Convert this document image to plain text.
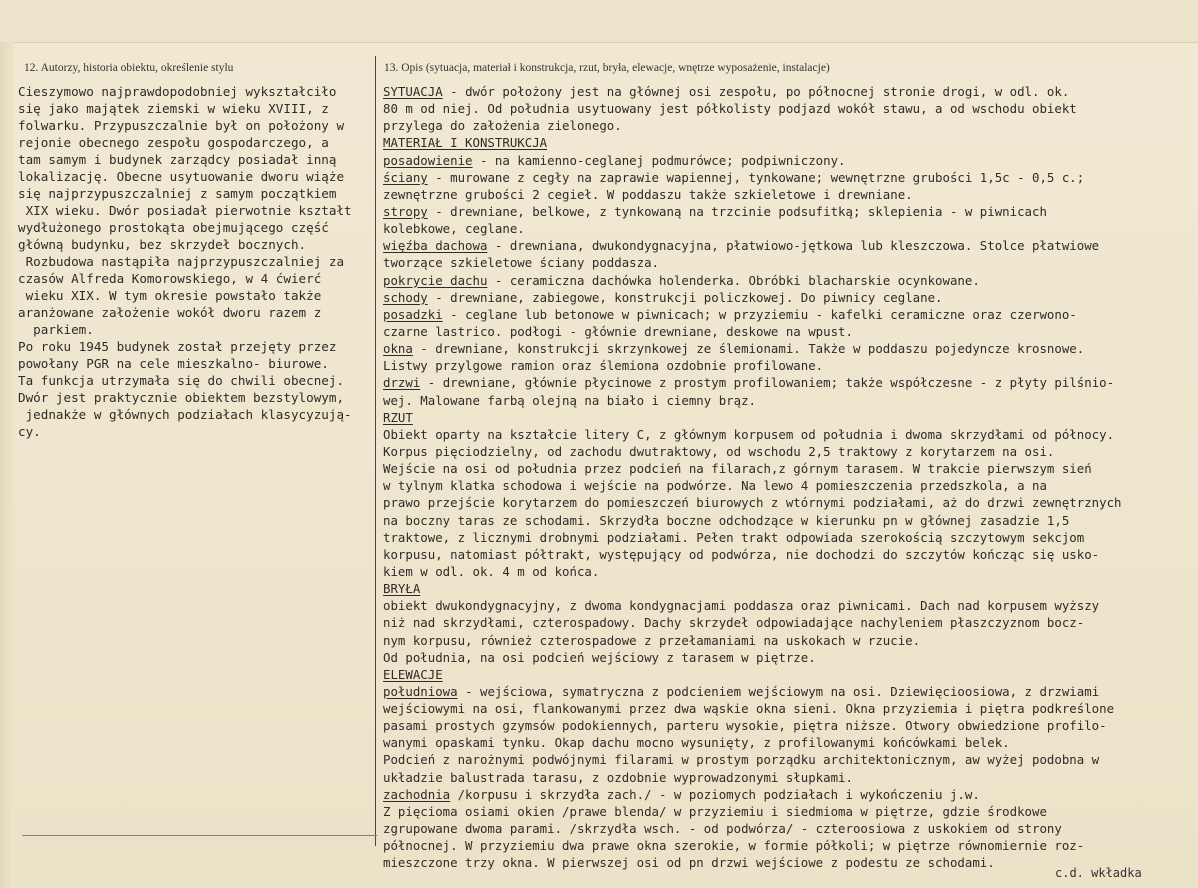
12. Autorzy, historia obiektu, określenie stylu	13. Opis (sytuacja, materiał i konstrukcja, rzut, bryła, elewacje, wnętrze wyposażenie, instalacje)
Cieszymowo najprawdopodobniej wykształciło
się jako majątek ziemski w wieku XVIII, z
folwarku. Przypuszczalnie był on położony w
rejonie obecnego zespołu gospodarczego, a
tam samym i budynek zarządcy posiadał inną
lokalizację. Obecne usytuowanie dworu wiąże
się najprzypuszczalniej z samym początkiem
XIX wieku. Dwór posiadał pierwotnie kształt
wydłużonego prostokąta obejmującego część
główną budynku, bez skrzydeł bocznych.
Rozbudowa nastąpiła najprzypuszczalniej za
czasów Alfreda Komorowskiego, w 4 ćwierć
wieku XIX. W tym okresie powstało także
aranżowane założenie wokół dworu razem z
parkiem.
Po roku 1945 budynek został przejęty przez
powołany PGR na cele mieszkalno- biurowe.
Ta funkcja utrzymała się do chwili obecnej.
Dwór jest praktycznie obiektem bezstylowym,
jednakże w głównych podziałach klasycyzują-
cy.
SYTUACJA - dwór położony jest na głównej osi zespołu, po północnej stronie drogi, w odl. ok.
80 m od niej. Od południa usytuowany jest półkolisty podjazd wokół stawu, a od wschodu obiekt
przylega do założenia zielonego.
MATERIAŁ I KONSTRUKCJA
posadowienie - na kamienno-ceglanej podmurówce; podpiwniczony.
ściany - murowane z cegły na zaprawie wapiennej, tynkowane; wewnętrzne grubości 1,5c - 0,5 c.;
zewnętrzne grubości 2 cegieł. W poddaszu także szkieletowe i drewniane.
stropy - drewniane, belkowe, z tynkowaną na trzcinie podsufitką; sklepienia - w piwnicach
kolebkowe, ceglane.
więźba dachowa - drewniana, dwukondygnacyjna, płatwiowo-jętkowa lub kleszczowa. Stolce płatwiowe
tworzące szkieletowe ściany poddasza.
pokrycie dachu - ceramiczna dachówka holenderka. Obróbki blacharskie ocynkowane.
schody - drewniane, zabiegowe, konstrukcji policzkowej. Do piwnicy ceglane.
posadzki - ceglane lub betonowe w piwnicach; w przyziemiu - kafelki ceramiczne oraz czerwono-
czarne lastrico. podłogi - głównie drewniane, deskowe na wpust.
okna - drewniane, konstrukcji skrzynkowej ze ślemionami. Także w poddaszu pojedyncze krosnowe.
Listwy przylgowe ramion oraz ślemiona ozdobnie profilowane.
drzwi - drewniane, głównie płycinowe z prostym profilowaniem; także współczesne - z płyty pilśnio-
wej. Malowane farbą olejną na biało i ciemny brąz.
RZUT
Obiekt oparty na kształcie litery C, z głównym korpusem od południa i dwoma skrzydłami od północy.
Korpus pięciodzielny, od zachodu dwutraktowy, od wschodu 2,5 traktowy z korytarzem na osi.
Wejście na osi od południa przez podcień na filarach,z górnym tarasem. W trakcie pierwszym sień
w tylnym klatka schodowa i wejście na podwórze. Na lewo 4 pomieszczenia przedszkola, a na
prawo przejście korytarzem do pomieszczeń biurowych z wtórnymi podziałami, aż do drzwi zewnętrznych
na boczny taras ze schodami. Skrzydła boczne odchodzące w kierunku pn w głównej zasadzie 1,5
traktowe, z licznymi drobnymi podziałami. Pełen trakt odpowiada szerokością szczytowym sekcjom
korpusu, natomiast półtrakt, występujący od podwórza, nie dochodzi do szczytów kończąc się usko-
kiem w odl. ok. 4 m od końca.
BRYŁA
obiekt dwukondygnacyjny, z dwoma kondygnacjami poddasza oraz piwnicami. Dach nad korpusem wyższy
niż nad skrzydłami, czterospadowy. Dachy skrzydeł odpowiadające nachyleniem płaszczyznom bocz-
nym korpusu, również czterospadowe z przełamaniami na uskokach w rzucie.
Od południa, na osi podcień wejściowy z tarasem w piętrze.
ELEWACJE
południowa - wejściowa, symatryczna z podcieniem wejściowym na osi. Dziewięcioosiowa, z drzwiami
wejściowymi na osi, flankowanymi przez dwa wąskie okna sieni. Okna przyziemia i piętra podkreślone
pasami prostych gzymsów podokiennych, parteru wysokie, piętra niższe. Otwory obwiedzione profilo-
wanymi opaskami tynku. Okap dachu mocno wysunięty, z profilowanymi końcówkami belek.
Podcień z narożnymi podwójnymi filarami w prostym porządku architektonicznym, aw wyżej podobna w
układzie balustrada tarasu, z ozdobnie wyprowadzonymi słupkami.
zachodnia /korpusu i skrzydła zach./ - w poziomych podziałach i wykończeniu j.w.
Z pięcioma osiami okien /prawe blenda/ w przyziemiu i siedmioma w piętrze, gdzie środkowe
zgrupowane dwoma parami. /skrzydła wsch. - od podwórza/ - czteroosiowa z uskokiem od strony
północnej. W przyziemiu dwa prawe okna szerokie, w formie półkoli; w piętrze równomiernie roz-
mieszczone trzy okna. W pierwszej osi od pn drzwi wejściowe z podestu ze schodami.
c.d. wkładka
